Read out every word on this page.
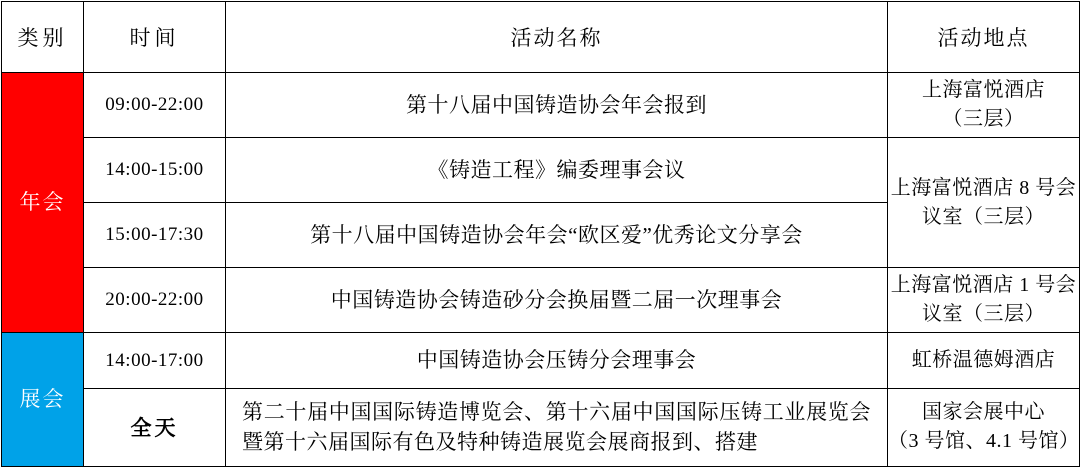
类别	时间	活动名称	活动地点
年会	09:00-22:00	第十八届中国铸造协会年会报到	上海富悦酒店
（三层）

	14:00-15:00	《铸造工程》编委理事会议	上海富悦酒店 8 号会
议室（三层）

	15:00-17:30	第十八届中国铸造协会年会“欧区爱”优秀论文分享会	
	20:00-22:00	中国铸造协会铸造砂分会换届暨二届一次理事会	上海富悦酒店 1 号会
议室（三层）

展会	14:00-17:00	中国铸造协会压铸分会理事会	虹桥温德姆酒店
	全天	第二十届中国国际铸造博览会、第十六届中国国际压铸工业展览会暨第十六届国际有色及特种铸造展览会展商报到、搭建	国家会展中心
（3 号馆、4.1 号馆）
